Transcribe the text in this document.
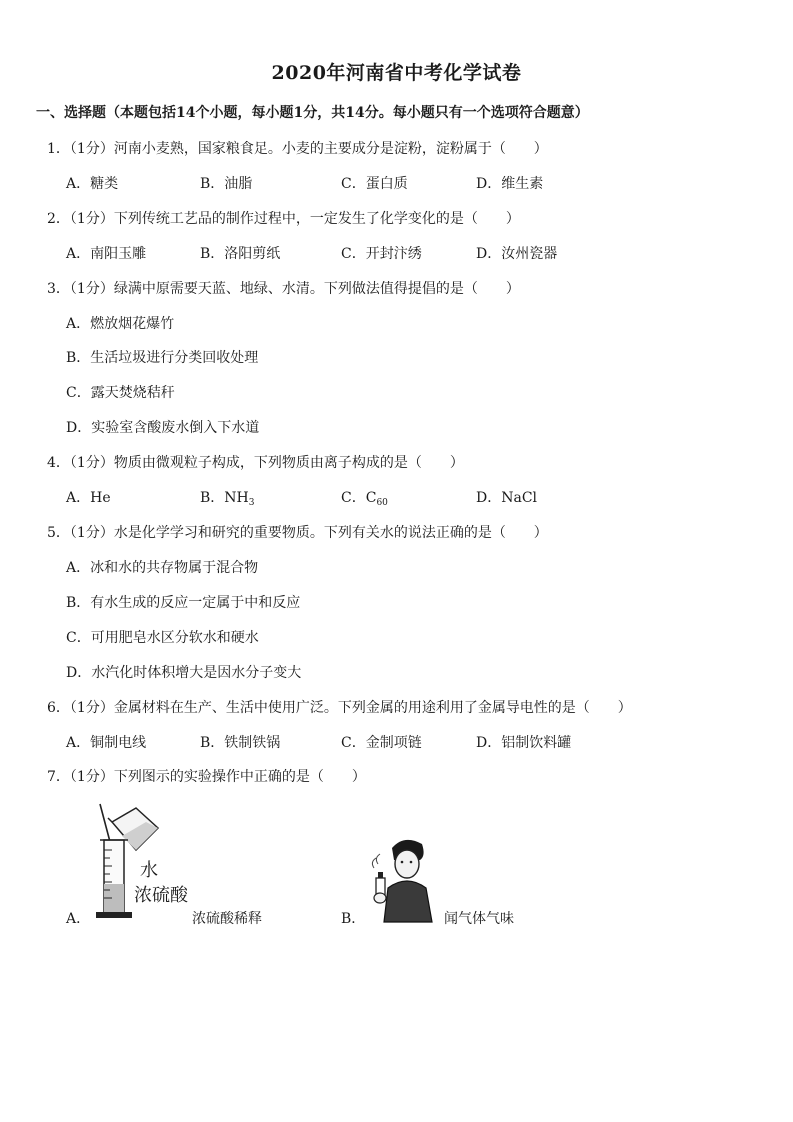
2020年河南省中考化学试卷
一、选择题（本题包括14个小题，每小题1分，共14分。每小题只有一个选项符合题意）
1．（1分）河南小麦熟，国家粮食足。小麦的主要成分是淀粉，淀粉属于（　　）
A．糖类	B．油脂	C．蛋白质	D．维生素
2．（1分）下列传统工艺品的制作过程中，一定发生了化学变化的是（　　）
A．南阳玉雕	B．洛阳剪纸	C．开封汴绣	D．汝州瓷器
3．（1分）绿满中原需要天蓝、地绿、水清。下列做法值得提倡的是（　　）
A．燃放烟花爆竹
B．生活垃圾进行分类回收处理
C．露天焚烧秸秆
D．实验室含酸废水倒入下水道
4．（1分）物质由微观粒子构成，下列物质由离子构成的是（　　）
A．He	B．$NH_3$	C．$C_{60}$	D．NaCl
5．（1分）水是化学学习和研究的重要物质。下列有关水的说法正确的是（　　）
A．冰和水的共存物属于混合物
B．有水生成的反应一定属于中和反应
C．可用肥皂水区分软水和硬水
D．水汽化时体积增大是因水分子变大
6．（1分）金属材料在生产、生活中使用广泛。下列金属的用途利用了金属导电性的是（　　）
A．铜制电线	B．铁制铁锅	C．金制项链	D．铝制饮料罐
7．（1分）下列图示的实验操作中正确的是（　　）
A．
水
浓硫酸
浓硫酸稀释	B．	闻气体气味
